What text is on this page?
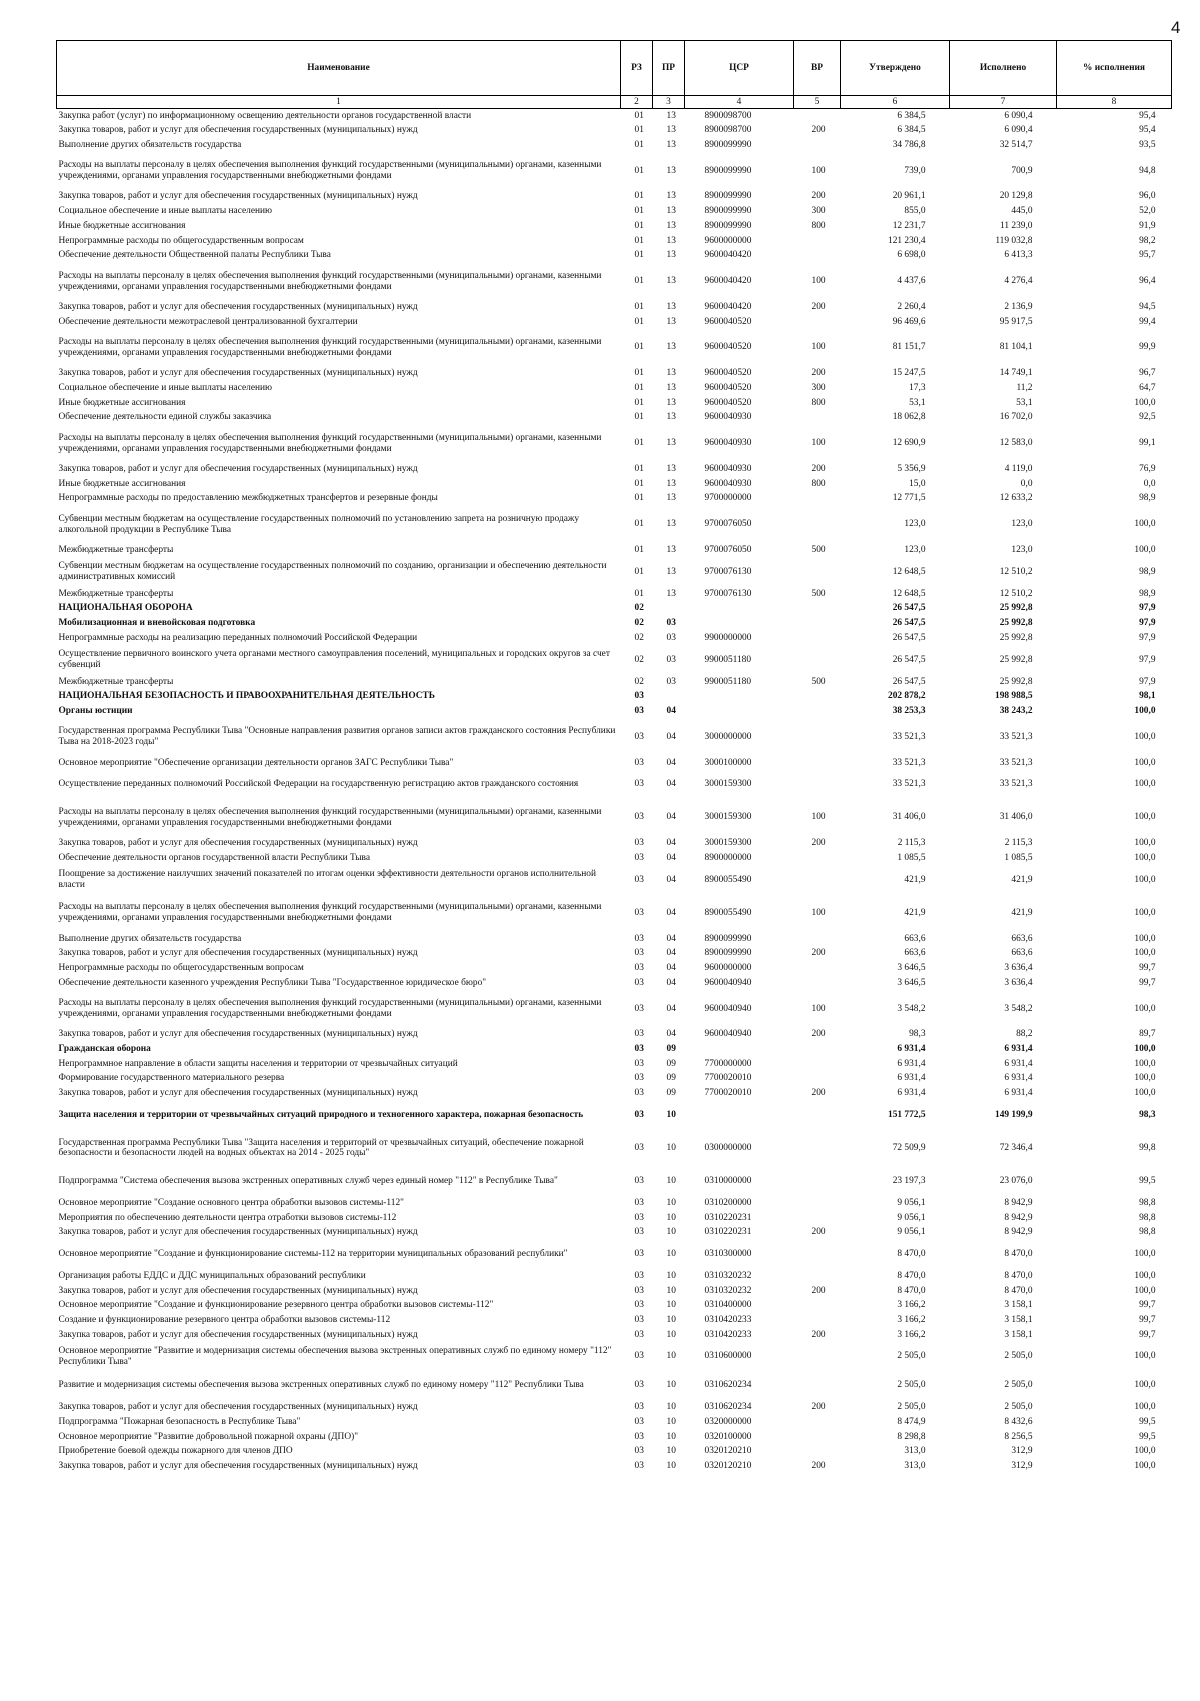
4
Наименование	РЗ	ПР	ЦСР	ВР	Утверждено	Исполнено	% исполнения
1	2	3	4	5	6	7	8
Закупка работ (услуг) по информационному освещению деятельности органов государственной власти	01	13	8900098700		6 384,5	6 090,4	95,4
Закупка товаров, работ и услуг для обеспечения государственных (муниципальных) нужд	01	13	8900098700	200	6 384,5	6 090,4	95,4
Выполнение других обязательств государства	01	13	8900099990		34 786,8	32 514,7	93,5
Расходы на выплаты персоналу в целях обеспечения выполнения функций государственными (муниципальными) органами, казенными учреждениями, органами управления государственными внебюджетными фондами	01	13	8900099990	100	739,0	700,9	94,8
Закупка товаров, работ и услуг для обеспечения государственных (муниципальных) нужд	01	13	8900099990	200	20 961,1	20 129,8	96,0
Социальное обеспечение и иные выплаты населению	01	13	8900099990	300	855,0	445,0	52,0
Иные бюджетные ассигнования	01	13	8900099990	800	12 231,7	11 239,0	91,9
Непрограммные расходы по общегосударственным вопросам	01	13	9600000000		121 230,4	119 032,8	98,2
Обеспечение деятельности Общественной палаты Республики Тыва	01	13	9600040420		6 698,0	6 413,3	95,7
Расходы на выплаты персоналу в целях обеспечения выполнения функций государственными (муниципальными) органами, казенными учреждениями, органами управления государственными внебюджетными фондами	01	13	9600040420	100	4 437,6	4 276,4	96,4
Закупка товаров, работ и услуг для обеспечения государственных (муниципальных) нужд	01	13	9600040420	200	2 260,4	2 136,9	94,5
Обеспечение деятельности межотраслевой централизованной бухгалтерии	01	13	9600040520		96 469,6	95 917,5	99,4
Расходы на выплаты персоналу в целях обеспечения выполнения функций государственными (муниципальными) органами, казенными учреждениями, органами управления государственными внебюджетными фондами	01	13	9600040520	100	81 151,7	81 104,1	99,9
Закупка товаров, работ и услуг для обеспечения государственных (муниципальных) нужд	01	13	9600040520	200	15 247,5	14 749,1	96,7
Социальное обеспечение и иные выплаты населению	01	13	9600040520	300	17,3	11,2	64,7
Иные бюджетные ассигнования	01	13	9600040520	800	53,1	53,1	100,0
Обеспечение деятельности единой службы заказчика	01	13	9600040930		18 062,8	16 702,0	92,5
Расходы на выплаты персоналу в целях обеспечения выполнения функций государственными (муниципальными) органами, казенными учреждениями, органами управления государственными внебюджетными фондами	01	13	9600040930	100	12 690,9	12 583,0	99,1
Закупка товаров, работ и услуг для обеспечения государственных (муниципальных) нужд	01	13	9600040930	200	5 356,9	4 119,0	76,9
Иные бюджетные ассигнования	01	13	9600040930	800	15,0	0,0	0,0
Непрограммные расходы по предоставлению межбюджетных трансфертов и резервные фонды	01	13	9700000000		12 771,5	12 633,2	98,9
Субвенции местным бюджетам на осуществление государственных полномочий по установлению запрета на розничную продажу алкогольной продукции в Республике Тыва	01	13	9700076050		123,0	123,0	100,0
Межбюджетные трансферты	01	13	9700076050	500	123,0	123,0	100,0
Субвенции местным бюджетам на осуществление государственных полномочий по созданию, организации и обеспечению деятельности административных комиссий	01	13	9700076130		12 648,5	12 510,2	98,9
Межбюджетные трансферты	01	13	9700076130	500	12 648,5	12 510,2	98,9
НАЦИОНАЛЬНАЯ ОБОРОНА	02				26 547,5	25 992,8	97,9
Мобилизационная и вневойсковая подготовка	02	03			26 547,5	25 992,8	97,9
Непрограммные расходы на реализацию переданных полномочий Российской Федерации	02	03	9900000000		26 547,5	25 992,8	97,9
Осуществление первичного воинского учета органами местного самоуправления поселений, муниципальных и городских округов за счет субвенций	02	03	9900051180		26 547,5	25 992,8	97,9
Межбюджетные трансферты	02	03	9900051180	500	26 547,5	25 992,8	97,9
НАЦИОНАЛЬНАЯ БЕЗОПАСНОСТЬ И ПРАВООХРАНИТЕЛЬНАЯ ДЕЯТЕЛЬНОСТЬ	03				202 878,2	198 988,5	98,1
Органы юстиции	03	04			38 253,3	38 243,2	100,0
Государственная программа Республики Тыва "Основные направления развития органов записи актов гражданского состояния Республики Тыва на 2018-2023 годы"	03	04	3000000000		33 521,3	33 521,3	100,0
Основное мероприятие "Обеспечение организации деятельности органов ЗАГС Республики Тыва"	03	04	3000100000		33 521,3	33 521,3	100,0
Осуществление переданных полномочий Российской Федерации на государственную регистрацию актов гражданского состояния	03	04	3000159300		33 521,3	33 521,3	100,0
Расходы на выплаты персоналу в целях обеспечения выполнения функций государственными (муниципальными) органами, казенными учреждениями, органами управления государственными внебюджетными фондами	03	04	3000159300	100	31 406,0	31 406,0	100,0
Закупка товаров, работ и услуг для обеспечения государственных (муниципальных) нужд	03	04	3000159300	200	2 115,3	2 115,3	100,0
Обеспечение деятельности органов государственной власти Республики Тыва	03	04	8900000000		1 085,5	1 085,5	100,0
Поощрение за достижение наилучших значений показателей по итогам оценки эффективности деятельности органов исполнительной власти	03	04	8900055490		421,9	421,9	100,0
Расходы на выплаты персоналу в целях обеспечения выполнения функций государственными (муниципальными) органами, казенными учреждениями, органами управления государственными внебюджетными фондами	03	04	8900055490	100	421,9	421,9	100,0
Выполнение других обязательств государства	03	04	8900099990		663,6	663,6	100,0
Закупка товаров, работ и услуг для обеспечения государственных (муниципальных) нужд	03	04	8900099990	200	663,6	663,6	100,0
Непрограммные расходы по общегосударственным вопросам	03	04	9600000000		3 646,5	3 636,4	99,7
Обеспечение деятельности казенного учреждения Республики Тыва "Государственное юридическое бюро"	03	04	9600040940		3 646,5	3 636,4	99,7
Расходы на выплаты персоналу в целях обеспечения выполнения функций государственными (муниципальными) органами, казенными учреждениями, органами управления государственными внебюджетными фондами	03	04	9600040940	100	3 548,2	3 548,2	100,0
Закупка товаров, работ и услуг для обеспечения государственных (муниципальных) нужд	03	04	9600040940	200	98,3	88,2	89,7
Гражданская оборона	03	09			6 931,4	6 931,4	100,0
Непрограммное направление в области защиты населения и территории от чрезвычайных ситуаций	03	09	7700000000		6 931,4	6 931,4	100,0
Формирование государственного материального резерва	03	09	7700020010		6 931,4	6 931,4	100,0
Закупка товаров, работ и услуг для обеспечения государственных (муниципальных) нужд	03	09	7700020010	200	6 931,4	6 931,4	100,0
Защита населения и территории от чрезвычайных ситуаций природного и техногенного характера, пожарная безопасность	03	10			151 772,5	149 199,9	98,3
Государственная программа Республики Тыва "Защита населения и территорий от чрезвычайных ситуаций, обеспечение пожарной безопасности и безопасности людей на водных объектах на 2014 - 2025 годы"	03	10	0300000000		72 509,9	72 346,4	99,8
Подпрограмма "Система обеспечения вызова экстренных оперативных служб через единый номер "112" в Республике Тыва"	03	10	0310000000		23 197,3	23 076,0	99,5
Основное мероприятие "Создание основного центра обработки вызовов системы-112"	03	10	0310200000		9 056,1	8 942,9	98,8
Мероприятия по обеспечению деятельности центра отработки вызовов системы-112	03	10	0310220231		9 056,1	8 942,9	98,8
Закупка товаров, работ и услуг для обеспечения государственных (муниципальных) нужд	03	10	0310220231	200	9 056,1	8 942,9	98,8
Основное мероприятие "Создание и функционирование системы-112 на территории муниципальных образований республики"	03	10	0310300000		8 470,0	8 470,0	100,0
Организация работы ЕДДС и ДДС муниципальных образований республики	03	10	0310320232		8 470,0	8 470,0	100,0
Закупка товаров, работ и услуг для обеспечения государственных (муниципальных) нужд	03	10	0310320232	200	8 470,0	8 470,0	100,0
Основное мероприятие "Создание и функционирование резервного центра обработки вызовов системы-112"	03	10	0310400000		3 166,2	3 158,1	99,7
Создание и функционирование резервного центра обработки вызовов системы-112	03	10	0310420233		3 166,2	3 158,1	99,7
Закупка товаров, работ и услуг для обеспечения государственных (муниципальных) нужд	03	10	0310420233	200	3 166,2	3 158,1	99,7
Основное мероприятие "Развитие и модернизация системы обеспечения вызова экстренных оперативных служб по единому номеру "112" Республики Тыва"	03	10	0310600000		2 505,0	2 505,0	100,0
Развитие и модернизация системы обеспечения вызова экстренных оперативных служб по единому номеру "112" Республики Тыва	03	10	0310620234		2 505,0	2 505,0	100,0
Закупка товаров, работ и услуг для обеспечения государственных (муниципальных) нужд	03	10	0310620234	200	2 505,0	2 505,0	100,0
Подпрограмма "Пожарная безопасность в Республике Тыва"	03	10	0320000000		8 474,9	8 432,6	99,5
Основное мероприятие "Развитие добровольной пожарной охраны (ДПО)"	03	10	0320100000		8 298,8	8 256,5	99,5
Приобретение боевой одежды пожарного для членов ДПО	03	10	0320120210		313,0	312,9	100,0
Закупка товаров, работ и услуг для обеспечения государственных (муниципальных) нужд	03	10	0320120210	200	313,0	312,9	100,0
